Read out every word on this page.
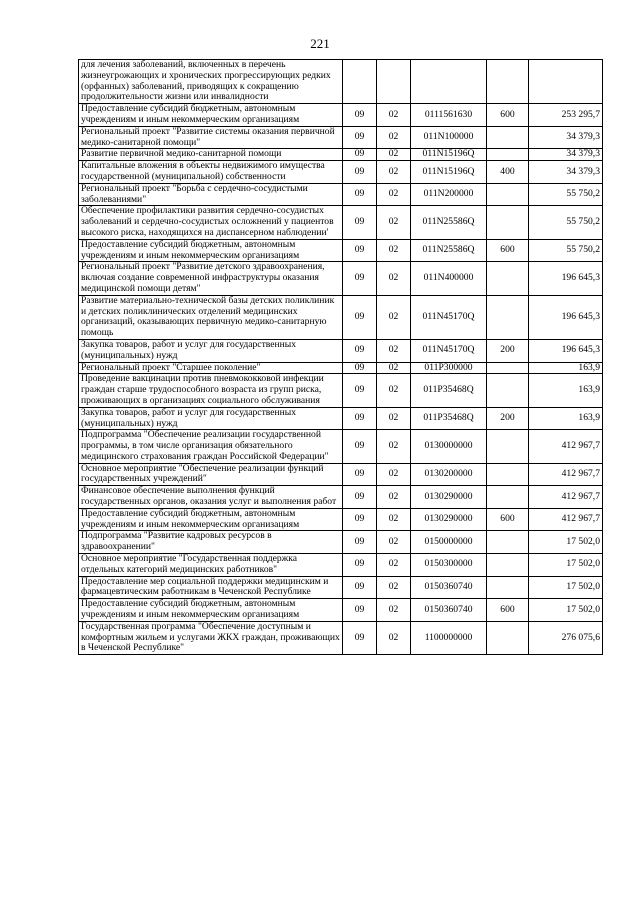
221
для лечения заболеваний, включенных в перечень жизнеугрожающих и хронических прогрессирующих редких (орфанных) заболеваний, приводящих к сокращению продолжительности жизни или инвалидности					
Предоставление субсидий бюджетным, автономным учреждениям и иным некоммерческим организациям	09	02	0111561630	600	253 295,7
Региональный проект "Развитие системы оказания первичной медико-санитарной помощи"	09	02	011N100000		34 379,3
Развитие первичной медико-санитарной помощи	09	02	011N15196Q		34 379,3
Капитальные вложения в объекты недвижимого имущества государственной (муниципальной) собственности	09	02	011N15196Q	400	34 379,3
Региональный проект "Борьба с сердечно-сосудистыми заболеваниями"	09	02	011N200000		55 750,2
Обеспечение профилактики развития сердечно-сосудистых заболеваний и сердечно-сосудистых осложнений у пациентов высокого риска, находящихся на диспансерном наблюдении'	09	02	011N25586Q		55 750,2
Предоставление субсидий бюджетным, автономным учреждениям и иным некоммерческим организациям	09	02	011N25586Q	600	55 750,2
Региональный проект "Развитие детского здравоохранения, включая создание современной инфраструктуры оказания медицинской помощи детям"	09	02	011N400000		196 645,3
Развитие материально-технической базы детских поликлиник и детских поликлинических отделений медицинских организаций, оказывающих первичную медико-санитарную помощь	09	02	011N45170Q		196 645,3
Закупка товаров, работ и услуг для государственных (муниципальных) нужд	09	02	011N45170Q	200	196 645,3
Региональный проект "Старшее поколение"	09	02	011P300000		163,9
Проведение вакцинации против пневмококковой инфекции граждан старше трудоспособного возраста из групп риска, проживающих в организациях социального обслуживания	09	02	011P35468Q		163,9
Закупка товаров, работ и услуг для государственных (муниципальных) нужд	09	02	011P35468Q	200	163,9
Подпрограмма "Обеспечение реализации государственной программы, в том числе организация обязательного медицинского страхования граждан Российской Федерации"	09	02	0130000000		412 967,7
Основное мероприятие "Обеспечение реализации функций государственных учреждений"	09	02	0130200000		412 967,7
Финансовое обеспечение выполнения функций государственных органов, оказания услуг и выполнения работ	09	02	0130290000		412 967,7
Предоставление субсидий бюджетным, автономным учреждениям и иным некоммерческим организациям	09	02	0130290000	600	412 967,7
Подпрограмма "Развитие кадровых ресурсов в здравоохранении"	09	02	0150000000		17 502,0
Основное мероприятие "Государственная поддержка отдельных категорий медицинских работников"	09	02	0150300000		17 502,0
Предоставление мер социальной поддержки медицинским и фармацевтическим работникам в Чеченской Республике	09	02	0150360740		17 502,0
Предоставление субсидий бюджетным, автономным учреждениям и иным некоммерческим организациям	09	02	0150360740	600	17 502,0
Государственная программа "Обеспечение доступным и комфортным жильем и услугами ЖКХ граждан, проживающих в Чеченской Республике"	09	02	1100000000		276 075,6
